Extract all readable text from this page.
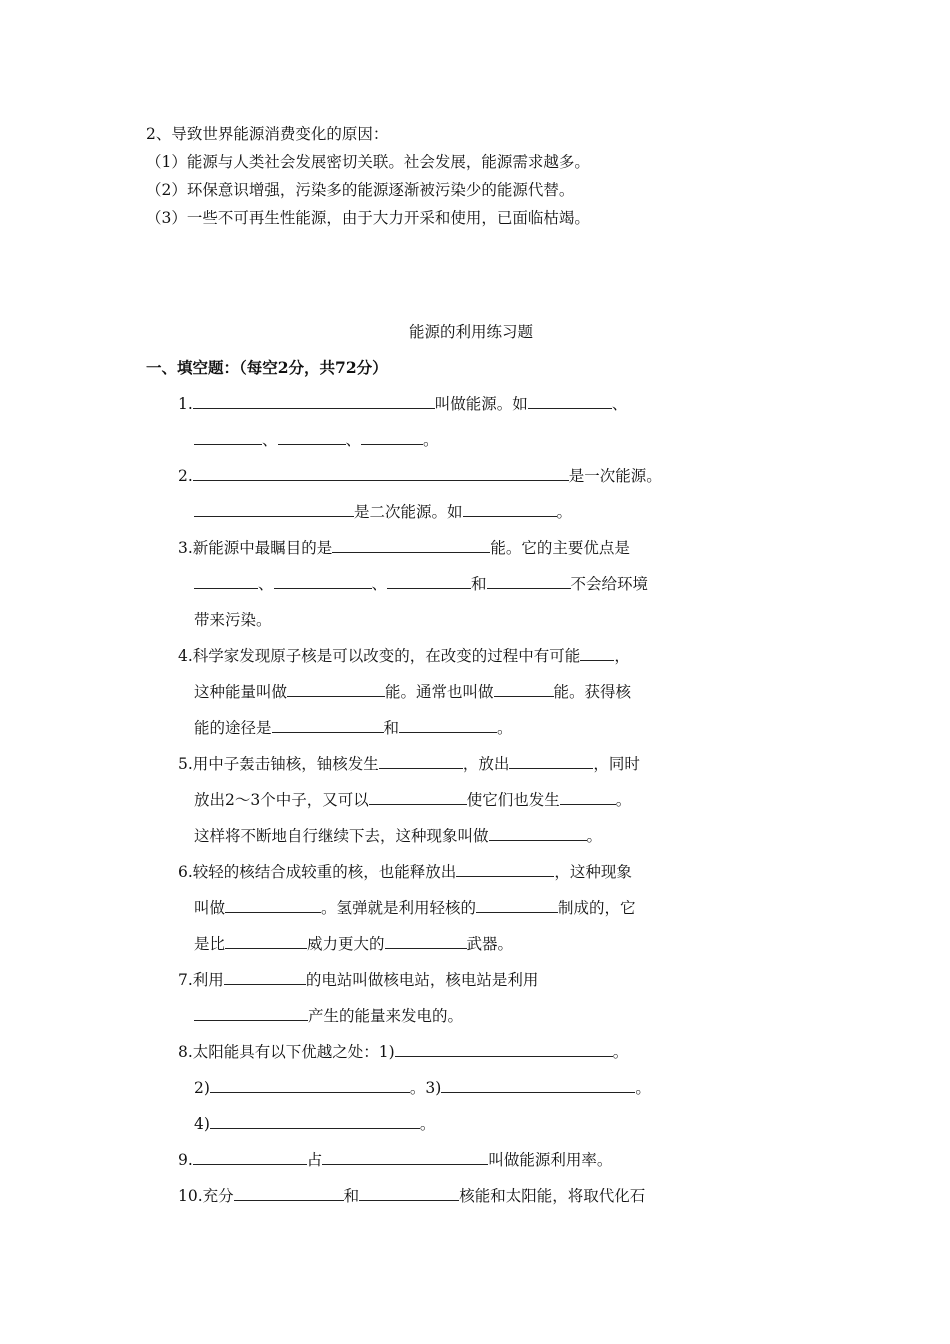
2、导致世界能源消费变化的原因：
（1）能源与人类社会发展密切关联。社会发展，能源需求越多。
（2）环保意识增强，污染多的能源逐渐被污染少的能源代替。
（3）一些不可再生性能源，由于大力开采和使用，已面临枯竭。
能源的利用练习题
一、填空题：（每空2分，共72分）
1.	叫做能源。如	、
、	、	。
2.	是一次能源。
是二次能源。如	。
3.新能源中最瞩目的是	能。它的主要优点是
、	、	和	不会给环境
带来污染。
4.科学家发现原子核是可以改变的，在改变的过程中有可能 ，
这种能量叫做	能。通常也叫做	能。获得核
能的途径是	和	。
5.用中子轰击铀核，铀核发生	，放出	，同时
放出2～3个中子，又可以	使它们也发生	。
这样将不断地自行继续下去，这种现象叫做	。
6.较轻的核结合成较重的核，也能释放出	，这种现象
叫做	。氢弹就是利用轻核的	制成的，它
是比	威力更大的	武器。
7.利用	的电站叫做核电站，核电站是利用
产生的能量来发电的。
8.太阳能具有以下优越之处：1)	。
2)	。3)	。
4)	。
9.	占	叫做能源利用率。
10.充分	和	核能和太阳能，将取代化石
